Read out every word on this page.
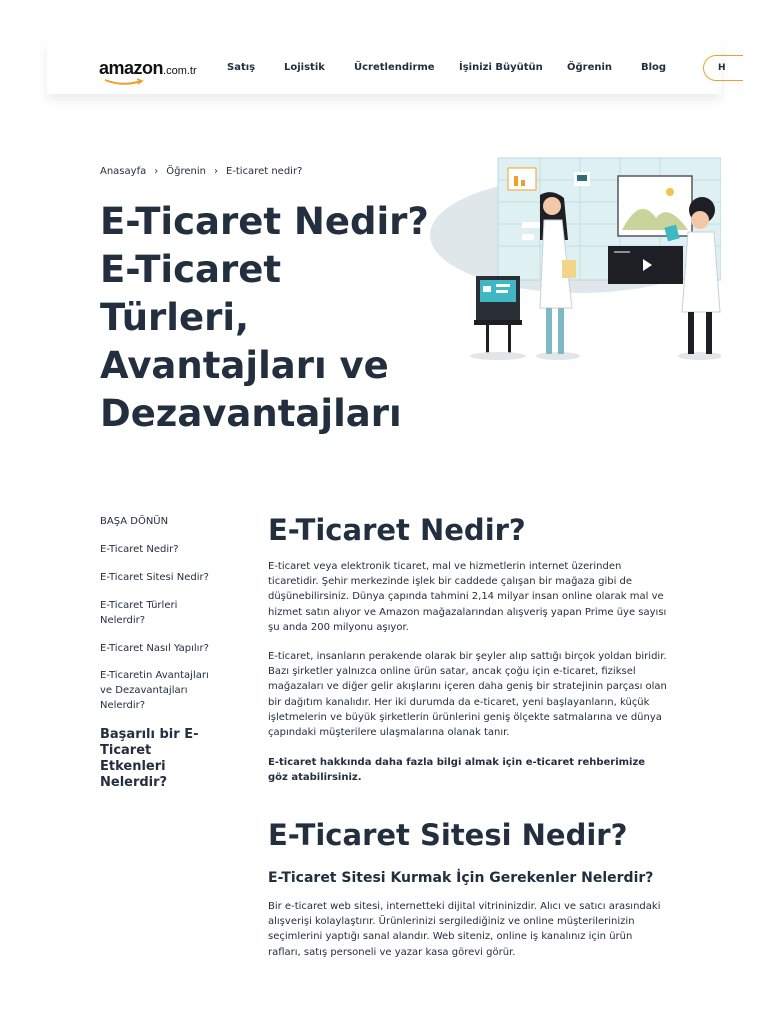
amazon.com.tr	Satış	Lojistik	Ücretlendirme İşinizi Büyütün Öğrenin	Blog	H
Anasayfa › Öğrenin › E-ticaret nedir?
E-Ticaret Nedir? E-Ticaret Türleri, Avantajları ve Dezavantajları
BAŞA DÖNÜN
E-Ticaret Nedir?
E-Ticaret Sitesi Nedir?
E-Ticaret Türleri Nelerdir?
E-Ticaret Nasıl Yapılır?
E-Ticaretin Avantajları ve Dezavantajları Nelerdir?
Başarılı bir E-Ticaret Etkenleri Nelerdir?
E-Ticaret Nedir?

E-ticaret veya elektronik ticaret, mal ve hizmetlerin internet üzerinden ticaretidir. Şehir merkezinde işlek bir caddede çalışan bir mağaza gibi de düşünebilirsiniz. Dünya çapında tahmini 2,14 milyar insan online olarak mal ve hizmet satın alıyor ve Amazon mağazalarından alışveriş yapan Prime üye sayısı şu anda 200 milyonu aşıyor.

E-ticaret, insanların perakende olarak bir şeyler alıp sattığı birçok yoldan biridir. Bazı şirketler yalnızca online ürün satar, ancak çoğu için e-ticaret, fiziksel mağazaları ve diğer gelir akışlarını içeren daha geniş bir stratejinin parçası olan bir dağıtım kanalıdır. Her iki durumda da e-ticaret, yeni başlayanların, küçük işletmelerin ve büyük şirketlerin ürünlerini geniş ölçekte satmalarına ve dünya çapındaki müşterilere ulaşmalarına olanak tanır.

E-ticaret hakkında daha fazla bilgi almak için e-ticaret rehberimize göz atabilirsiniz.

E-Ticaret Sitesi Nedir?
E-Ticaret Sitesi Kurmak İçin Gerekenler Nelerdir?

Bir e-ticaret web sitesi, internetteki dijital vitrininizdir. Alıcı ve satıcı arasındaki alışverişi kolaylaştırır. Ürünlerinizi sergilediğiniz ve online müşterilerinizin seçimlerini yaptığı sanal alandır. Web siteniz, online iş kanalınız için ürün rafları, satış personeli ve yazar kasa görevi görür.
